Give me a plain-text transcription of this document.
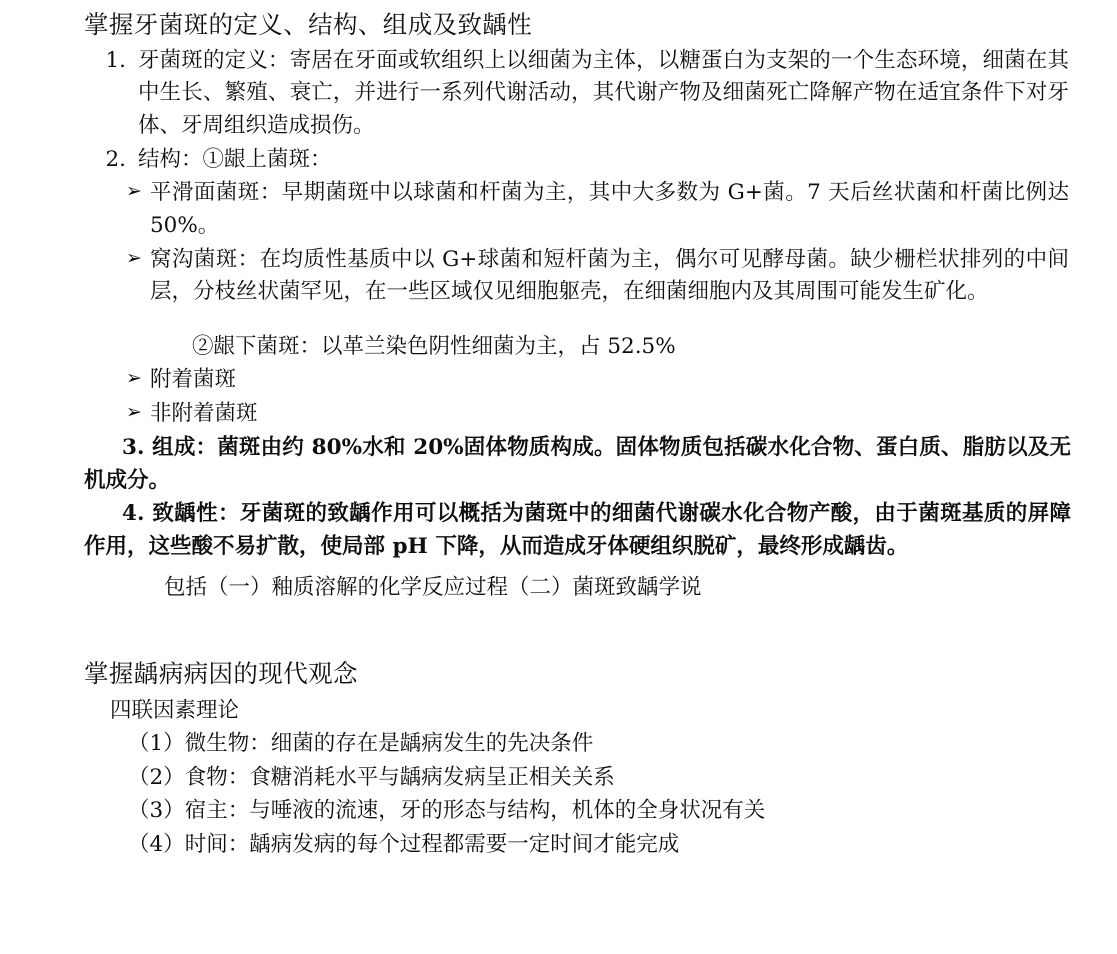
掌握牙菌斑的定义、结构、组成及致龋性
1. 牙菌斑的定义：寄居在牙面或软组织上以细菌为主体，以糖蛋白为支架的一个生态环境，细菌在其中生长、繁殖、衰亡，并进行一系列代谢活动，其代谢产物及细菌死亡降解产物在适宜条件下对牙体、牙周组织造成损伤。
2. 结构：①龈上菌斑：
➢ 平滑面菌斑：早期菌斑中以球菌和杆菌为主，其中大多数为 G+菌。7 天后丝状菌和杆菌比例达 50%。
➢ 窝沟菌斑：在均质性基质中以 G+球菌和短杆菌为主，偶尔可见酵母菌。缺少栅栏状排列的中间层，分枝丝状菌罕见，在一些区域仅见细胞躯壳，在细菌细胞内及其周围可能发生矿化。

②龈下菌斑：以革兰染色阴性细菌为主，占 52.5%

➢ 附着菌斑
➢ 非附着菌斑

3. 组成：菌斑由约 80%水和 20%固体物质构成。固体物质包括碳水化合物、蛋白质、脂肪以及无机成分。

4. 致龋性：牙菌斑的致龋作用可以概括为菌斑中的细菌代谢碳水化合物产酸，由于菌斑基质的屏障作用，这些酸不易扩散，使局部 pH 下降，从而造成牙体硬组织脱矿，最终形成龋齿。

包括（一）釉质溶解的化学反应过程（二）菌斑致龋学说

掌握龋病病因的现代观念

四联因素理论

（1）微生物：细菌的存在是龋病发生的先决条件

（2）食物：食糖消耗水平与龋病发病呈正相关关系

（3）宿主：与唾液的流速，牙的形态与结构，机体的全身状况有关

（4）时间：龋病发病的每个过程都需要一定时间才能完成
